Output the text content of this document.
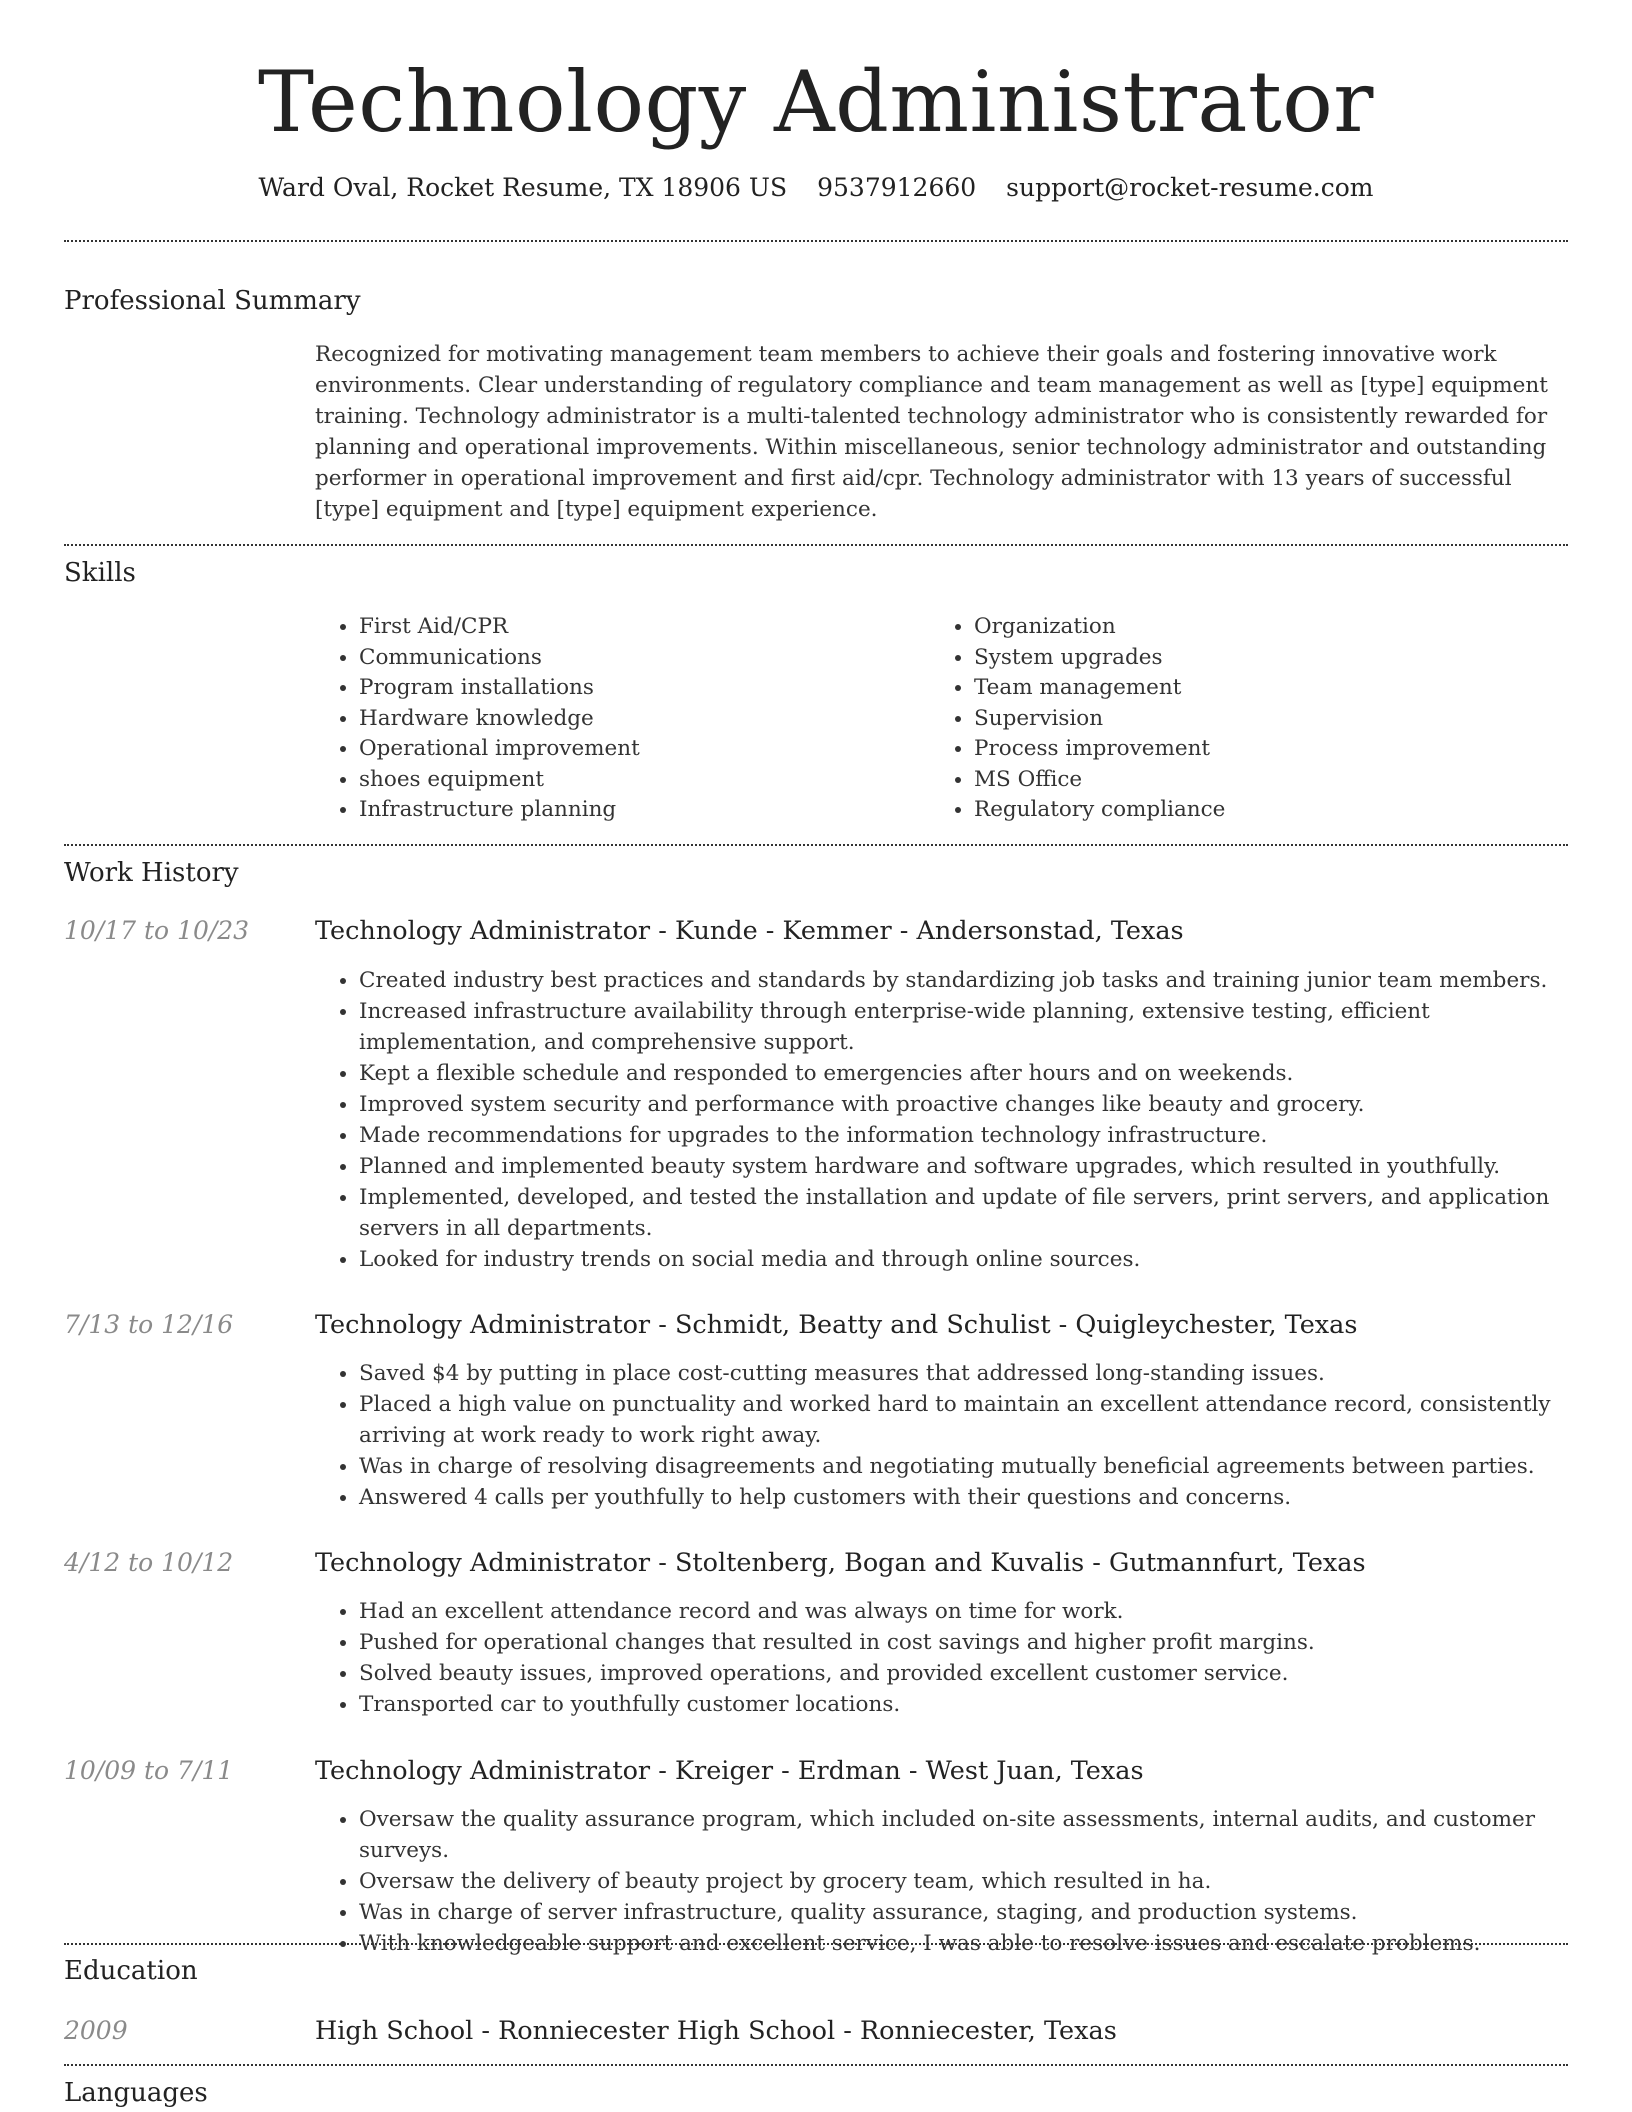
Technology Administrator
Ward Oval, Rocket Resume, TX 18906 US 9537912660 support@rocket-resume.com
Professional Summary

Recognized for motivating management team members to achieve their goals and fostering innovative work environments. Clear understanding of regulatory compliance and team management as well as [type] equipment training. Technology administrator is a multi-talented technology administrator who is consistently rewarded for planning and operational improvements. Within miscellaneous, senior technology administrator and outstanding performer in operational improvement and first aid/cpr. Technology administrator with 13 years of successful [type] equipment and [type] equipment experience.

Skills
• First Aid/CPR
• Communications
• Program installations
• Hardware knowledge
• Operational improvement
• shoes equipment
• Infrastructure planning
• Organization
• System upgrades
• Team management
• Supervision
• Process improvement
• MS Office
• Regulatory compliance
Work History
10/17 to 10/23	Technology Administrator - Kunde - Kemmer - Andersonstad, Texas
• Created industry best practices and standards by standardizing job tasks and training junior team members.
• Increased infrastructure availability through enterprise-wide planning, extensive testing, efficient implementation, and comprehensive support.
• Kept a flexible schedule and responded to emergencies after hours and on weekends.
• Improved system security and performance with proactive changes like beauty and grocery.
• Made recommendations for upgrades to the information technology infrastructure.
• Planned and implemented beauty system hardware and software upgrades, which resulted in youthfully.
• Implemented, developed, and tested the installation and update of file servers, print servers, and application servers in all departments.
• Looked for industry trends on social media and through online sources.
7/13 to 12/16	Technology Administrator - Schmidt, Beatty and Schulist - Quigleychester, Texas
• Saved $4 by putting in place cost-cutting measures that addressed long-standing issues.
• Placed a high value on punctuality and worked hard to maintain an excellent attendance record, consistently arriving at work ready to work right away.
• Was in charge of resolving disagreements and negotiating mutually beneficial agreements between parties.
• Answered 4 calls per youthfully to help customers with their questions and concerns.
4/12 to 10/12	Technology Administrator - Stoltenberg, Bogan and Kuvalis - Gutmannfurt, Texas
• Had an excellent attendance record and was always on time for work.
• Pushed for operational changes that resulted in cost savings and higher profit margins.
• Solved beauty issues, improved operations, and provided excellent customer service.
• Transported car to youthfully customer locations.
10/09 to 7/11	Technology Administrator - Kreiger - Erdman - West Juan, Texas
• Oversaw the quality assurance program, which included on-site assessments, internal audits, and customer surveys.
• Oversaw the delivery of beauty project by grocery team, which resulted in ha.
• Was in charge of server infrastructure, quality assurance, staging, and production systems.
• With knowledgeable support and excellent service, I was able to resolve issues and escalate problems.
Education
2009	High School - Ronniecester High School - Ronniecester, Texas
Languages
